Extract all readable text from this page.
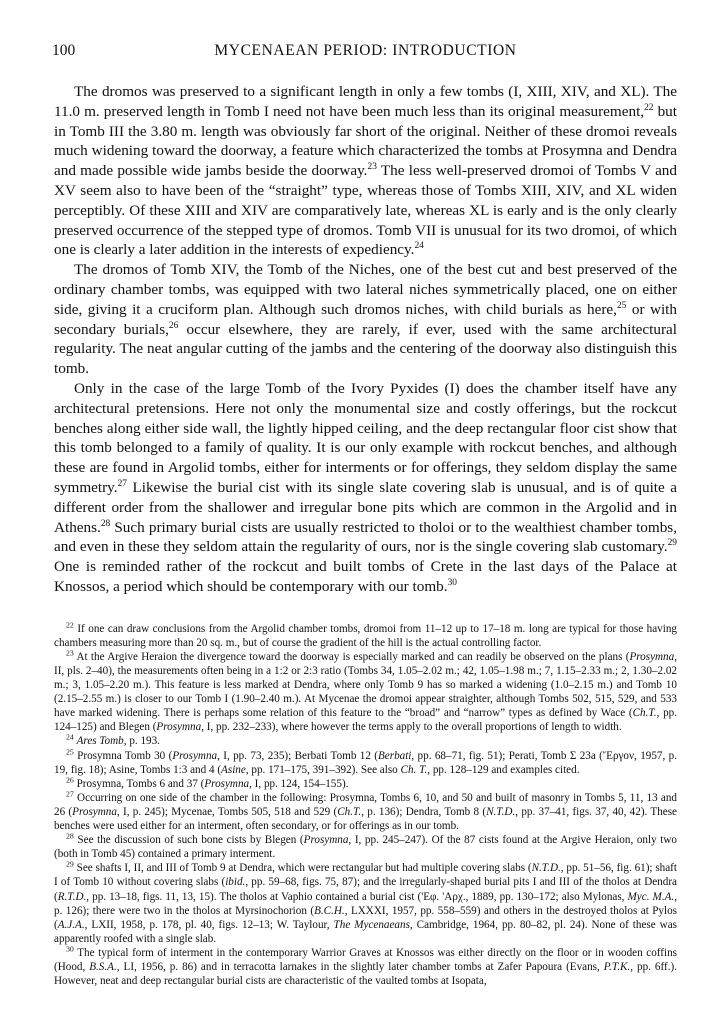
100	MYCENAEAN PERIOD: INTRODUCTION

The dromos was preserved to a significant length in only a few tombs (I, XIII, XIV, and XL). The 11.0 m. preserved length in Tomb I need not have been much less than its original measurement,$^{22}$ but in Tomb III the 3.80 m. length was obviously far short of the original. Neither of these dromoi reveals much widening toward the doorway, a feature which characterized the tombs at Prosymna and Dendra and made possible wide jambs beside the doorway.$^{23}$ The less well-preserved dromoi of Tombs V and XV seem also to have been of the “straight” type, whereas those of Tombs XIII, XIV, and XL widen perceptibly. Of these XIII and XIV are comparatively late, whereas XL is early and is the only clearly preserved occurrence of the stepped type of dromos. Tomb VII is unusual for its two dromoi, of which one is clearly a later addition in the interests of expediency.$^{24}$

The dromos of Tomb XIV, the Tomb of the Niches, one of the best cut and best preserved of the ordinary chamber tombs, was equipped with two lateral niches symmetrically placed, one on either side, giving it a cruciform plan. Although such dromos niches, with child burials as here,$^{25}$ or with secondary burials,$^{26}$ occur elsewhere, they are rarely, if ever, used with the same architectural regularity. The neat angular cutting of the jambs and the centering of the doorway also distinguish this tomb.

Only in the case of the large Tomb of the Ivory Pyxides (I) does the chamber itself have any architectural pretensions. Here not only the monumental size and costly offerings, but the rockcut benches along either side wall, the lightly hipped ceiling, and the deep rectangular floor cist show that this tomb belonged to a family of quality. It is our only example with rockcut benches, and although these are found in Argolid tombs, either for interments or for offerings, they seldom display the same symmetry.$^{27}$ Likewise the burial cist with its single slate covering slab is unusual, and is of quite a different order from the shallower and irregular bone pits which are common in the Argolid and in Athens.$^{28}$ Such primary burial cists are usually restricted to tholoi or to the wealthiest chamber tombs, and even in these they seldom attain the regularity of ours, nor is the single covering slab customary.$^{29}$ One is reminded rather of the rockcut and built tombs of Crete in the last days of the Palace at Knossos, a period which should be contemporary with our tomb.$^{30}$

$^{22}$ If one can draw conclusions from the Argolid chamber tombs, dromoi from 11–12 up to 17–18 m. long are typical for those having chambers measuring more than 20 sq. m., but of course the gradient of the hill is the actual controlling factor.

$^{23}$ At the Argive Heraion the divergence toward the doorway is especially marked and can readily be observed on the plans (Prosymna, II, pls. 2–40), the measurements often being in a 1:2 or 2:3 ratio (Tombs 34, 1.05–2.02 m.; 42, 1.05–1.98 m.; 7, 1.15–2.33 m.; 2, 1.30–2.02 m.; 3, 1.05–2.20 m.). This feature is less marked at Dendra, where only Tomb 9 has so marked a widening (1.0–2.15 m.) and Tomb 10 (2.15–2.55 m.) is closer to our Tomb I (1.90–2.40 m.). At Mycenae the dromoi appear straighter, although Tombs 502, 515, 529, and 533 have marked widening. There is perhaps some relation of this feature to the “broad” and “narrow” types as defined by Wace (Ch.T., pp. 124–125) and Blegen (Prosymna, I, pp. 232–233), where however the terms apply to the overall proportions of length to width.

$^{24}$ Ares Tomb, p. 193.

$^{25}$ Prosymna Tomb 30 (Prosymna, I, pp. 73, 235); Berbati Tomb 12 (Berbati, pp. 68–71, fig. 51); Perati, Tomb Σ 23a (Ἔργον, 1957, p. 19, fig. 18); Asine, Tombs 1:3 and 4 (Asine, pp. 171–175, 391–392). See also Ch. T., pp. 128–129 and examples cited.

$^{26}$ Prosymna, Tombs 6 and 37 (Prosymna, I, pp. 124, 154–155).

$^{27}$ Occurring on one side of the chamber in the following: Prosymna, Tombs 6, 10, and 50 and built of masonry in Tombs 5, 11, 13 and 26 (Prosymna, I, p. 245); Mycenae, Tombs 505, 518 and 529 (Ch.T., p. 136); Dendra, Tomb 8 (N.T.D., pp. 37–41, figs. 37, 40, 42). These benches were used either for an interment, often secondary, or for offerings as in our tomb.

$^{28}$ See the discussion of such bone cists by Blegen (Prosymna, I, pp. 245–247). Of the 87 cists found at the Argive Heraion, only two (both in Tomb 45) contained a primary interment.

$^{29}$ See shafts I, II, and III of Tomb 9 at Dendra, which were rectangular but had multiple covering slabs (N.T.D., pp. 51–56, fig. 61); shaft I of Tomb 10 without covering slabs (ibid., pp. 59–68, figs. 75, 87); and the irregularly-shaped burial pits I and III of the tholos at Dendra (R.T.D., pp. 13–18, figs. 11, 13, 15). The tholos at Vaphio contained a burial cist ('Εφ. 'Αρχ., 1889, pp. 130–172; also Mylonas, Myc. M.A., p. 126); there were two in the tholos at Myrsinochorion (B.C.H., LXXXI, 1957, pp. 558–559) and others in the destroyed tholos at Pylos (A.J.A., LXII, 1958, p. 178, pl. 40, figs. 12–13; W. Taylour, The Mycenaeans, Cambridge, 1964, pp. 80–82, pl. 24). None of these was apparently roofed with a single slab.

$^{30}$ The typical form of interment in the contemporary Warrior Graves at Knossos was either directly on the floor or in wooden coffins (Hood, B.S.A., LI, 1956, p. 86) and in terracotta larnakes in the slightly later chamber tombs at Zafer Papoura (Evans, P.T.K., pp. 6ff.). However, neat and deep rectangular burial cists are characteristic of the vaulted tombs at Isopata,
